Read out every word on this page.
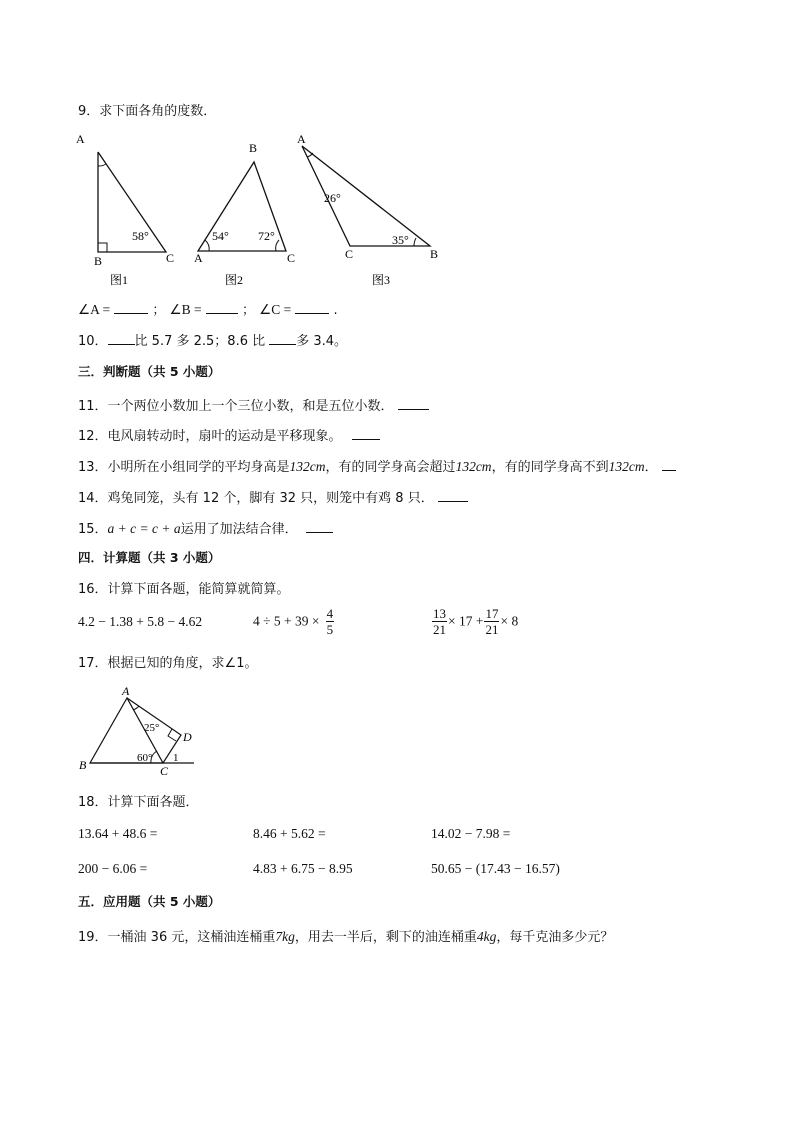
9．求下面各角的度数．
A
B	C
58°
图1
B
A	C
54° 72°
图2
A
C	B
26°
35°
图3
∠A =	； ∠B =	； ∠C =	.
10． 比 5.7 多 2.5；8.6 比 多 3.4。
三．判断题（共 5 小题）
11．一个两位小数加上一个三位小数，和是五位小数．
12．电风扇转动时，扇叶的运动是平移现象。
13．小明所在小组同学的平均身高是132cm，有的同学身高会超过132cm，有的同学身高不到132cm．
14．鸡兔同笼，头有 12 个，脚有 32 只，则笼中有鸡 8 只．
15．a + c = c + a运用了加法结合律．
四．计算题（共 3 小题）
16．计算下面各题，能简算就简算。
4.2 − 1.38 + 5.8 − 4.62	$4 \div 5 + 39 \times \frac{4}{5}$	$\frac{13}{21} \times 17 + \frac{17}{21} \times 8$
17．根据已知的角度，求∠1。
A
B	C
D
25°
60° 1
18．计算下面各题．
13.64 + 48.6 =	8.46 + 5.62 =	14.02 − 7.98 =
200 − 6.06 =	4.83 + 6.75 − 8.95	50.65 − (17.43 − 16.57)
五．应用题（共 5 小题）
19．一桶油 36 元，这桶油连桶重7kg，用去一半后，剩下的油连桶重4kg，每千克油多少元？
